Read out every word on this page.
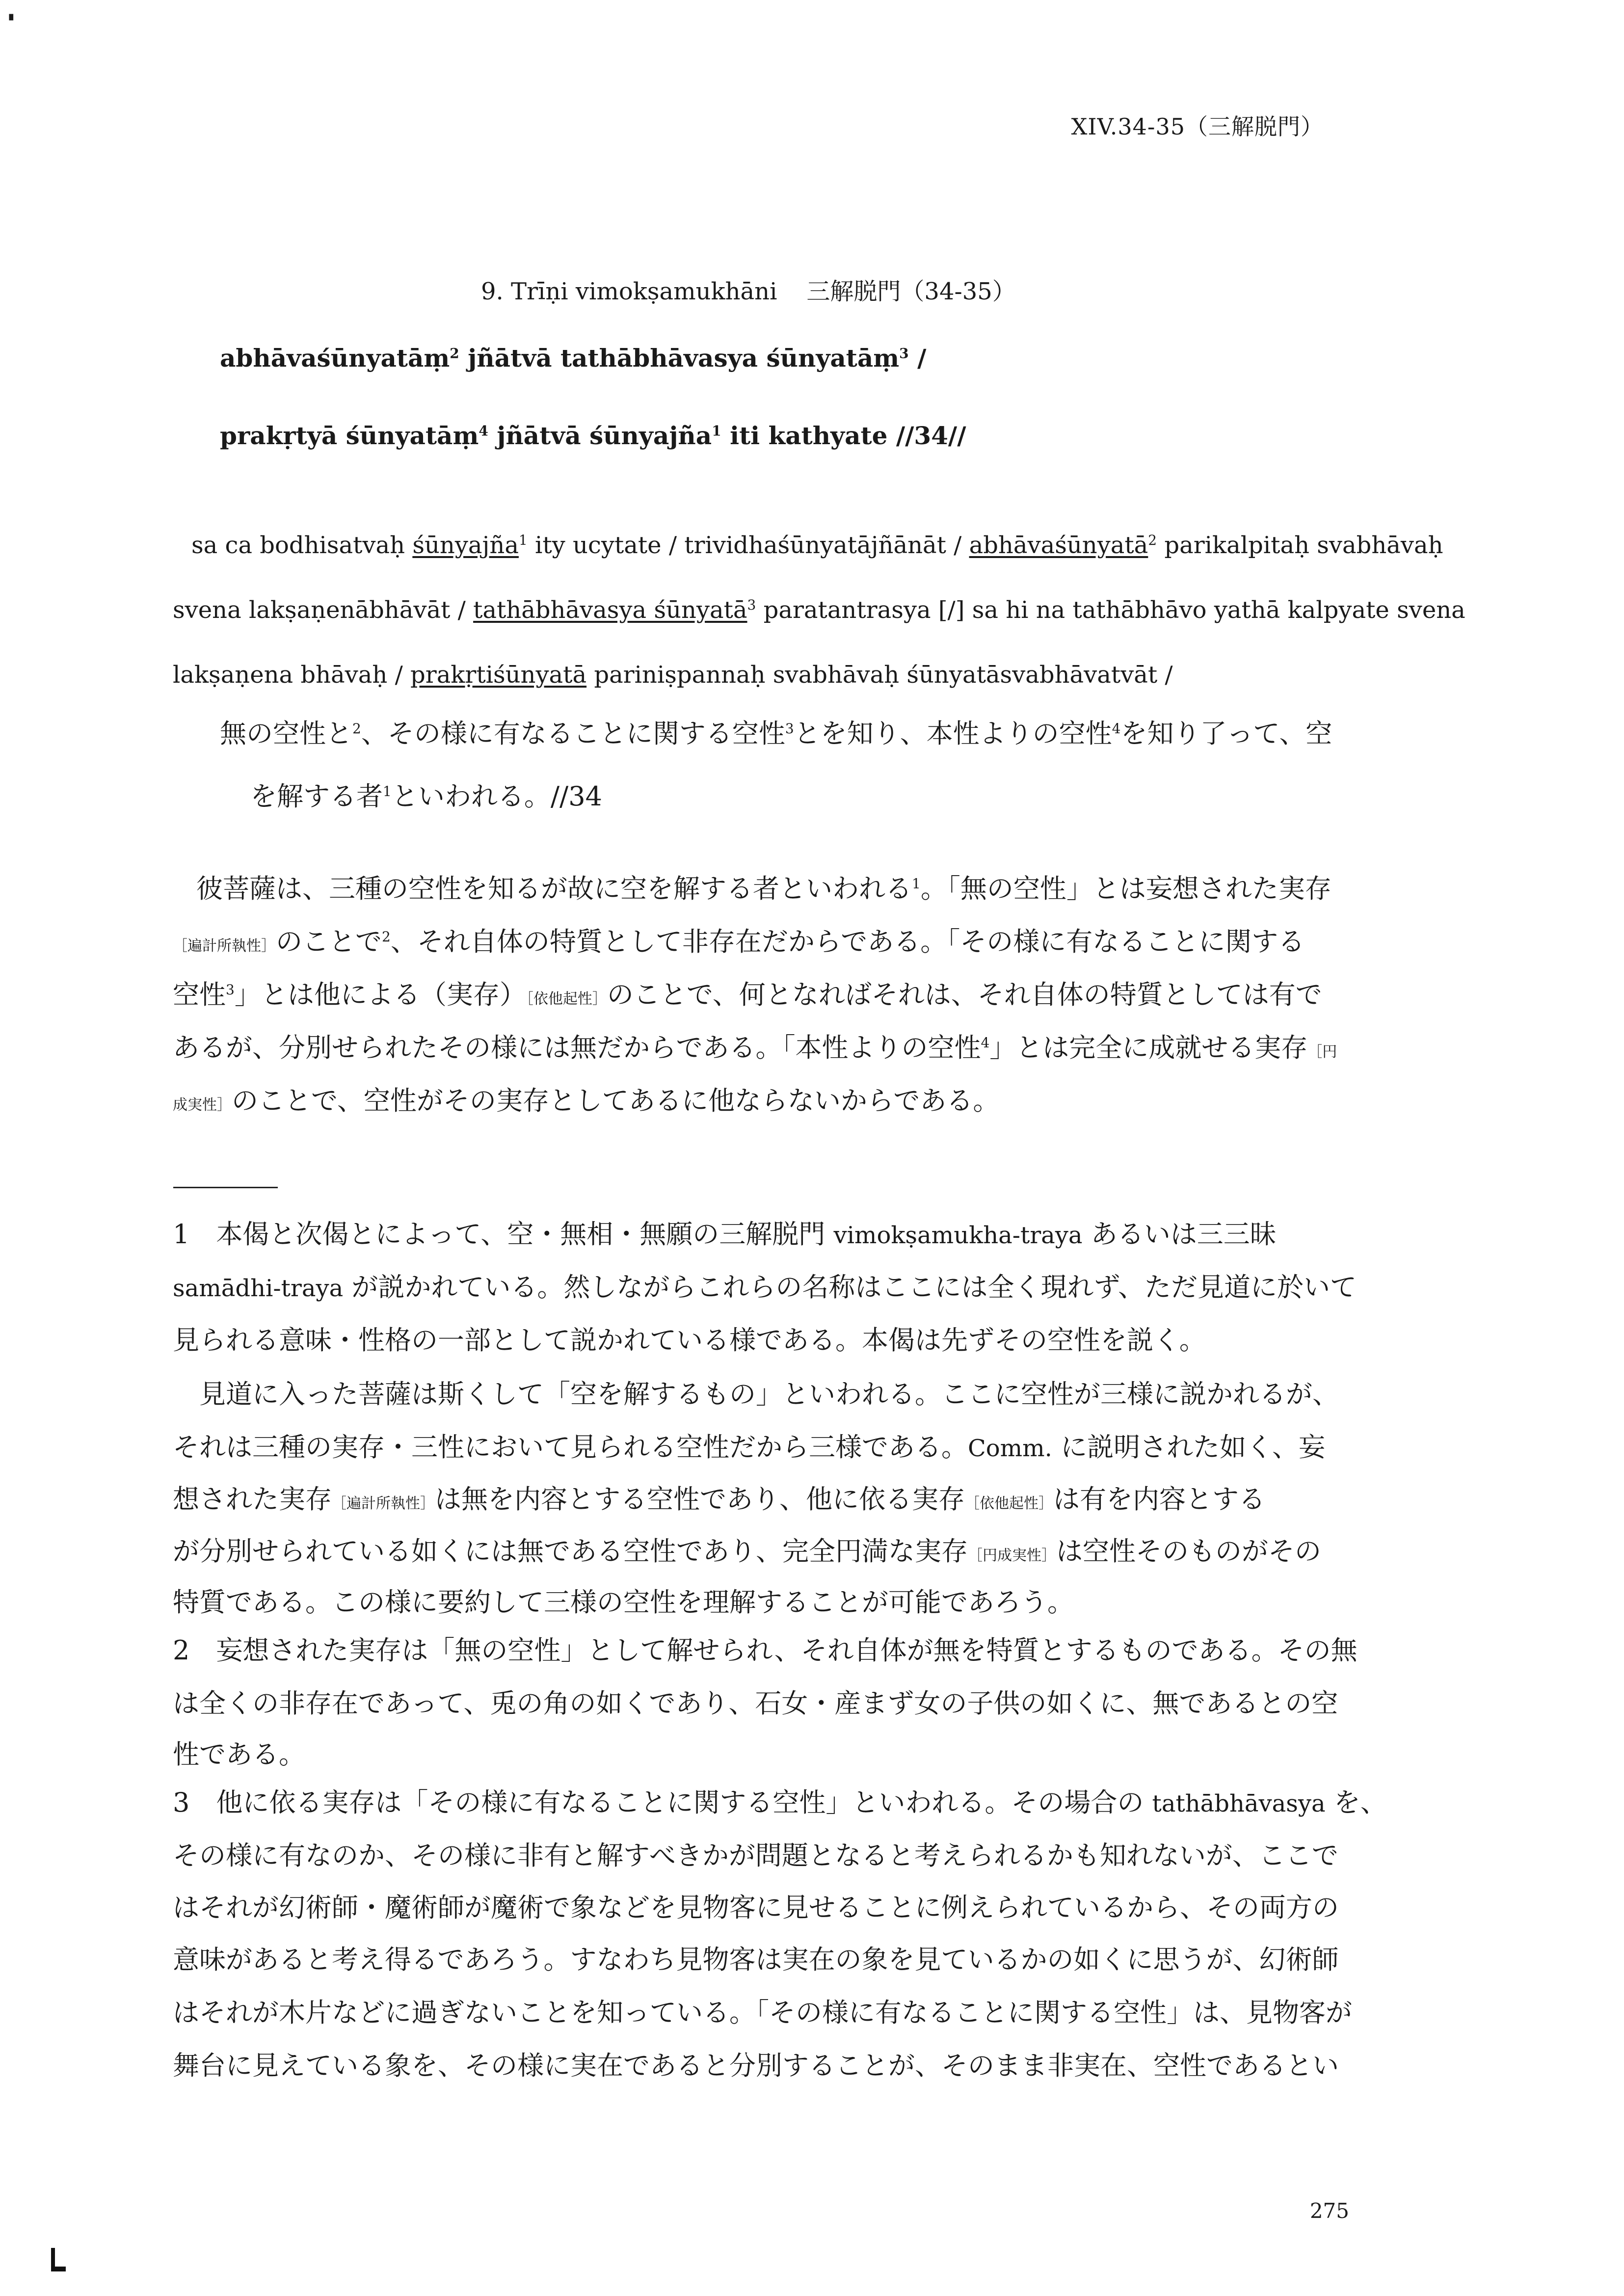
▗
XIV.34-35（三解脱門）
9. Trīṇi vimokṣamukhāni 三解脱門（34-35）
abhāvaśūnyatāṃ$^2$ jñātvā tathābhāvasya śūnyatāṃ$^3$ /
prakṛtyā śūnyatāṃ$^4$ jñātvā śūnyajña$^1$ iti kathyate //34//
sa ca bodhisatvaḥ śūnyajña$^1$ ity ucytate / trividhaśūnyatājñānāt / abhāvaśūnyatā$^2$ parikalpitaḥ svabhāvaḥ
svena lakṣaṇenābhāvāt / tathābhāvasya śūnyatā$^3$ paratantrasya [/] sa hi na tathābhāvo yathā kalpyate svena
lakṣaṇena bhāvaḥ / prakṛtiśūnyatā pariniṣpannaḥ svabhāvaḥ śūnyatāsvabhāvatvāt /
無の空性と$^2$、その様に有なることに関する空性$^3$とを知り、本性よりの空性$^4$を知り了って、空
を解する者$^1$といわれる。//34
彼菩薩は、三種の空性を知るが故に空を解する者といわれる$^1$。「無の空性」とは妄想された実存
［遍計所執性］のことで$^2$、それ自体の特質として非存在だからである。「その様に有なることに関する
空性$^3$」とは他による（実存）［依他起性］のことで、何となればそれは、それ自体の特質としては有で
あるが、分別せられたその様には無だからである。「本性よりの空性$^4$」とは完全に成就せる実存［円
成実性］のことで、空性がその実存としてあるに他ならないからである。
1　本偈と次偈とによって、空・無相・無願の三解脱門 vimokṣamukha-traya あるいは三三昧
samādhi-traya が説かれている。然しながらこれらの名称はここには全く現れず、ただ見道に於いて
見られる意味・性格の一部として説かれている様である。本偈は先ずその空性を説く。
　見道に入った菩薩は斯くして「空を解するもの」といわれる。ここに空性が三様に説かれるが、
それは三種の実存・三性において見られる空性だから三様である。Comm. に説明された如く、妄
想された実存［遍計所執性］は無を内容とする空性であり、他に依る実存［依他起性］は有を内容とする
が分別せられている如くには無である空性であり、完全円満な実存［円成実性］は空性そのものがその
特質である。この様に要約して三様の空性を理解することが可能であろう。
2　妄想された実存は「無の空性」として解せられ、それ自体が無を特質とするものである。その無
は全くの非存在であって、兎の角の如くであり、石女・産まず女の子供の如くに、無であるとの空
性である。
3　他に依る実存は「その様に有なることに関する空性」といわれる。その場合の tathābhāvasya を、
その様に有なのか、その様に非有と解すべきかが問題となると考えられるかも知れないが、ここで
はそれが幻術師・魔術師が魔術で象などを見物客に見せることに例えられているから、その両方の
意味があると考え得るであろう。すなわち見物客は実在の象を見ているかの如くに思うが、幻術師
はそれが木片などに過ぎないことを知っている。「その様に有なることに関する空性」は、見物客が
舞台に見えている象を、その様に実在であると分別することが、そのまま非実在、空性であるとい
275
